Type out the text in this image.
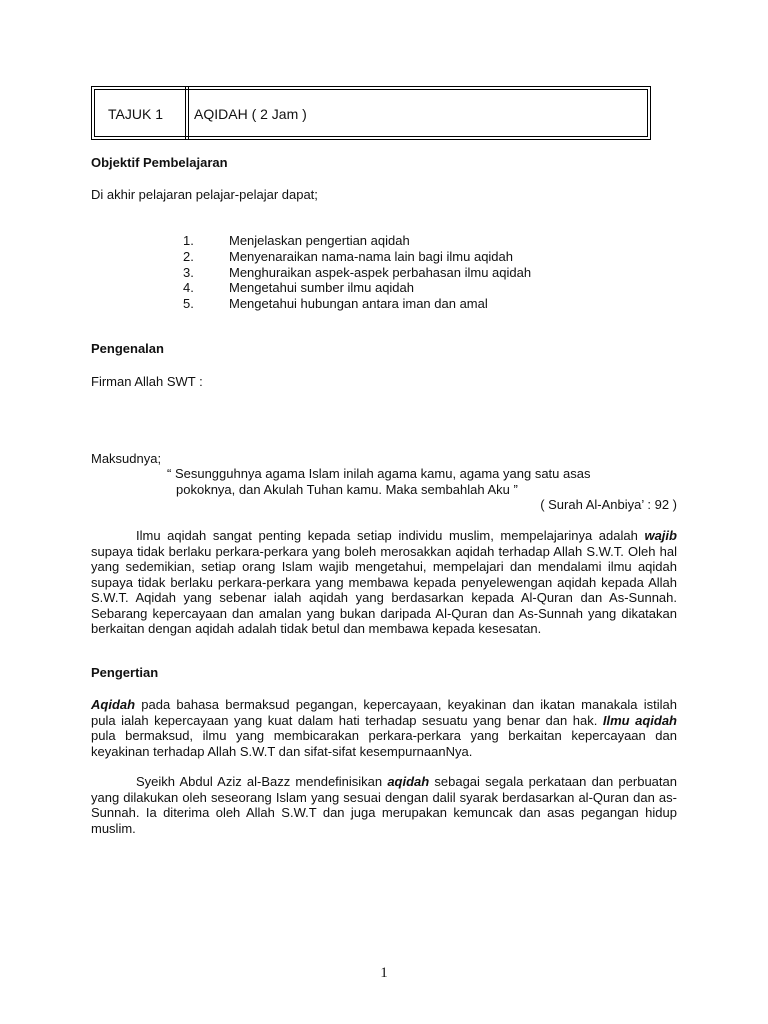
TAJUK 1 AQIDAH ( 2 Jam )
Objektif Pembelajaran
Di akhir pelajaran pelajar-pelajar dapat;
1.	Menjelaskan pengertian aqidah
2.	Menyenaraikan nama-nama lain bagi ilmu aqidah
3.	Menghuraikan aspek-aspek perbahasan ilmu aqidah
4.	Mengetahui sumber ilmu aqidah
5.	Mengetahui hubungan antara iman dan amal
Pengenalan
Firman Allah SWT :
Maksudnya;
“ Sesungguhnya agama Islam inilah agama kamu, agama yang satu asas
pokoknya, dan Akulah Tuhan kamu. Maka sembahlah Aku ”
( Surah Al-Anbiya’ : 92 )

Ilmu aqidah sangat penting kepada setiap individu muslim, mempelajarinya adalah wajib supaya tidak berlaku perkara-perkara yang boleh merosakkan aqidah terhadap Allah S.W.T. Oleh hal yang sedemikian, setiap orang Islam wajib mengetahui, mempelajari dan mendalami ilmu aqidah supaya tidak berlaku perkara-perkara yang membawa kepada penyelewengan aqidah kepada Allah S.W.T. Aqidah yang sebenar ialah aqidah yang berdasarkan kepada Al-Quran dan As-Sunnah. Sebarang kepercayaan dan amalan yang bukan daripada Al-Quran dan As-Sunnah yang dikatakan berkaitan dengan aqidah adalah tidak betul dan membawa kepada kesesatan.

Pengertian

Aqidah pada bahasa bermaksud pegangan, kepercayaan, keyakinan dan ikatan manakala istilah pula ialah kepercayaan yang kuat dalam hati terhadap sesuatu yang benar dan hak. Ilmu aqidah pula bermaksud, ilmu yang membicarakan perkara-perkara yang berkaitan kepercayaan dan keyakinan terhadap Allah S.W.T dan sifat-sifat kesempurnaanNya.

Syeikh Abdul Aziz al-Bazz mendefinisikan aqidah sebagai segala perkataan dan perbuatan yang dilakukan oleh seseorang Islam yang sesuai dengan dalil syarak berdasarkan al-Quran dan as-Sunnah. Ia diterima oleh Allah S.W.T dan juga merupakan kemuncak dan asas pegangan hidup muslim.

1
